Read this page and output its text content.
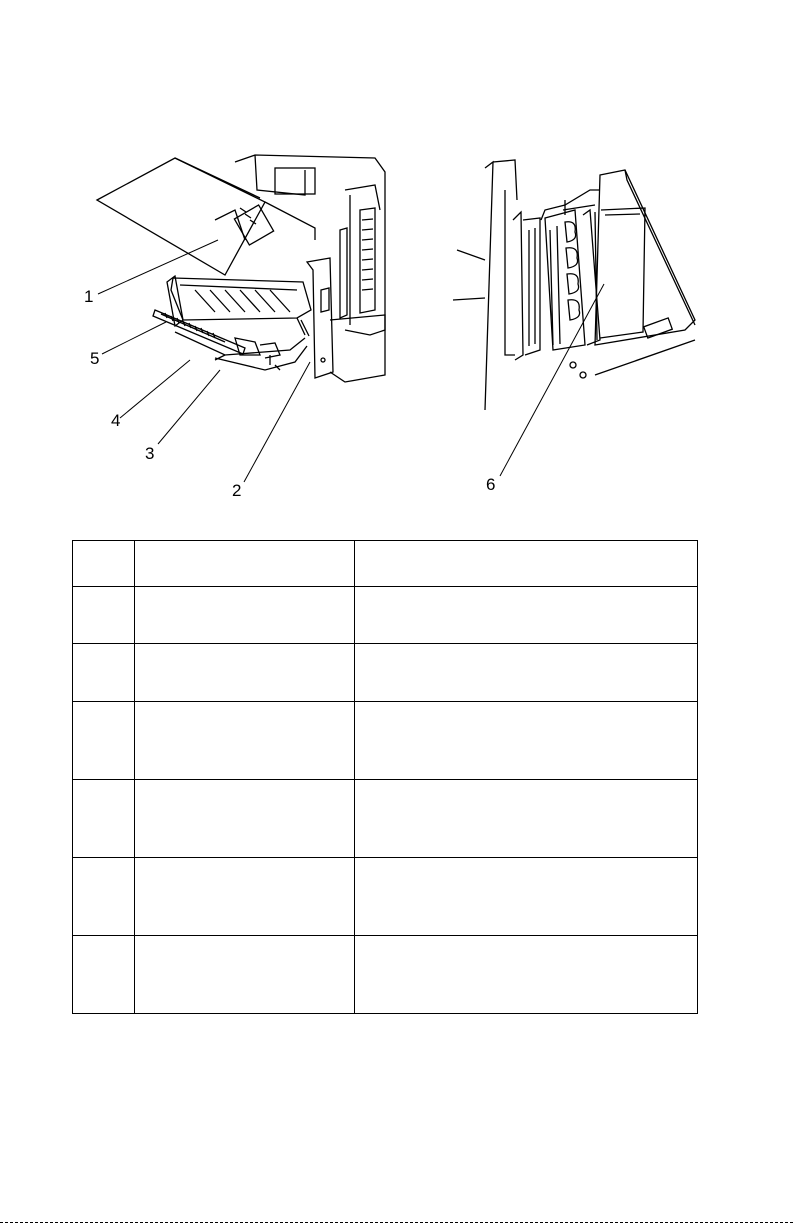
1
5
4
3
2	6
